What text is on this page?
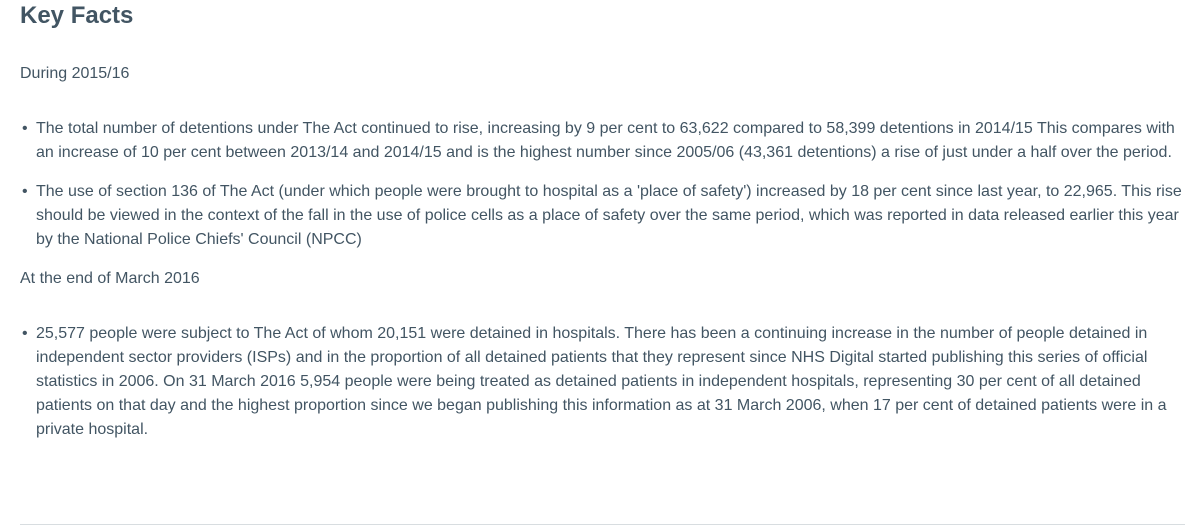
Key Facts

During 2015/16

• The total number of detentions under The Act continued to rise, increasing by 9 per cent to 63,622 compared to 58,399 detentions in 2014/15 This compares with an increase of 10 per cent between 2013/14 and 2014/15 and is the highest number since 2005/06 (43,361 detentions) a rise of just under a half over the period.
• The use of section 136 of The Act (under which people were brought to hospital as a 'place of safety') increased by 18 per cent since last year, to 22,965. This rise should be viewed in the context of the fall in the use of police cells as a place of safety over the same period, which was reported in data released earlier this year by the National Police Chiefs' Council (NPCC)

At the end of March 2016

• 25,577 people were subject to The Act of whom 20,151 were detained in hospitals. There has been a continuing increase in the number of people detained in independent sector providers (ISPs) and in the proportion of all detained patients that they represent since NHS Digital started publishing this series of official statistics in 2006. On 31 March 2016 5,954 people were being treated as detained patients in independent hospitals, representing 30 per cent of all detained patients on that day and the highest proportion since we began publishing this information as at 31 March 2006, when 17 per cent of detained patients were in a private hospital.
